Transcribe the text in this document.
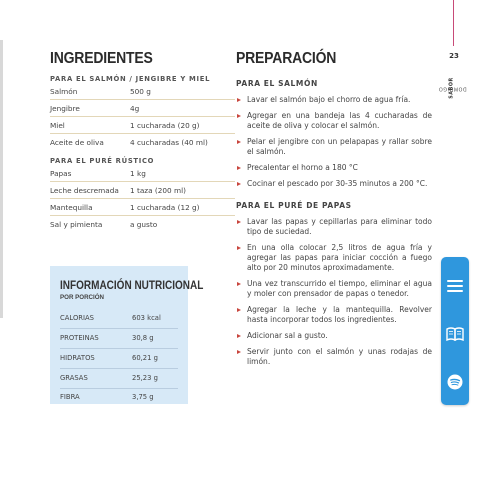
INGREDIENTES

PARA EL SALMÓN / JENGIBRE Y MIEL

Salmón	500 g
Jengibre	4g
Miel	1 cucharada (20 g)
Aceite de oliva	4 cucharadas (40 ml)

PARA EL PURÉ RÚSTICO

Papas	1 kg
Leche descremada	1 taza (200 ml)
Mantequilla	1 cucharada (12 g)
Sal y pimienta	a gusto
INFORMACIÓN NUTRICIONAL
POR PORCIÓN
CALORIAS	603 kcal
PROTEINAS	30,8 g
HIDRATOS	60,21 g
GRASAS	25,23 g
FIBRA	3,75 g
PREPARACIÓN

PARA EL SALMÓN

Lavar el salmón bajo el chorro de agua fría.
Agregar en una bandeja las 4 cucharadas de aceite de oliva y colocar el salmón.
Pelar el jengibre con un pelapapas y rallar sobre el salmón.
Precalentar el horno a 180 °C
Cocinar el pescado por 30-35 minutos a 200 °C.

PARA EL PURÉ DE PAPAS

Lavar las papas y cepillarlas para eliminar todo tipo de suciedad.
En una olla colocar 2,5 litros de agua fría y agregar las papas para iniciar cocción a fuego alto por 20 minutos aproximadamente.
Una vez transcurrido el tiempo, eliminar el agua y moler con prensador de papas o tenedor.
Agregar la leche y la mantequilla. Revolver hasta incorporar todos los ingredientes.
Adicionar sal a gusto.
Servir junto con el salmón y unas rodajas de limón.
23
DOMINGO
SABOR
